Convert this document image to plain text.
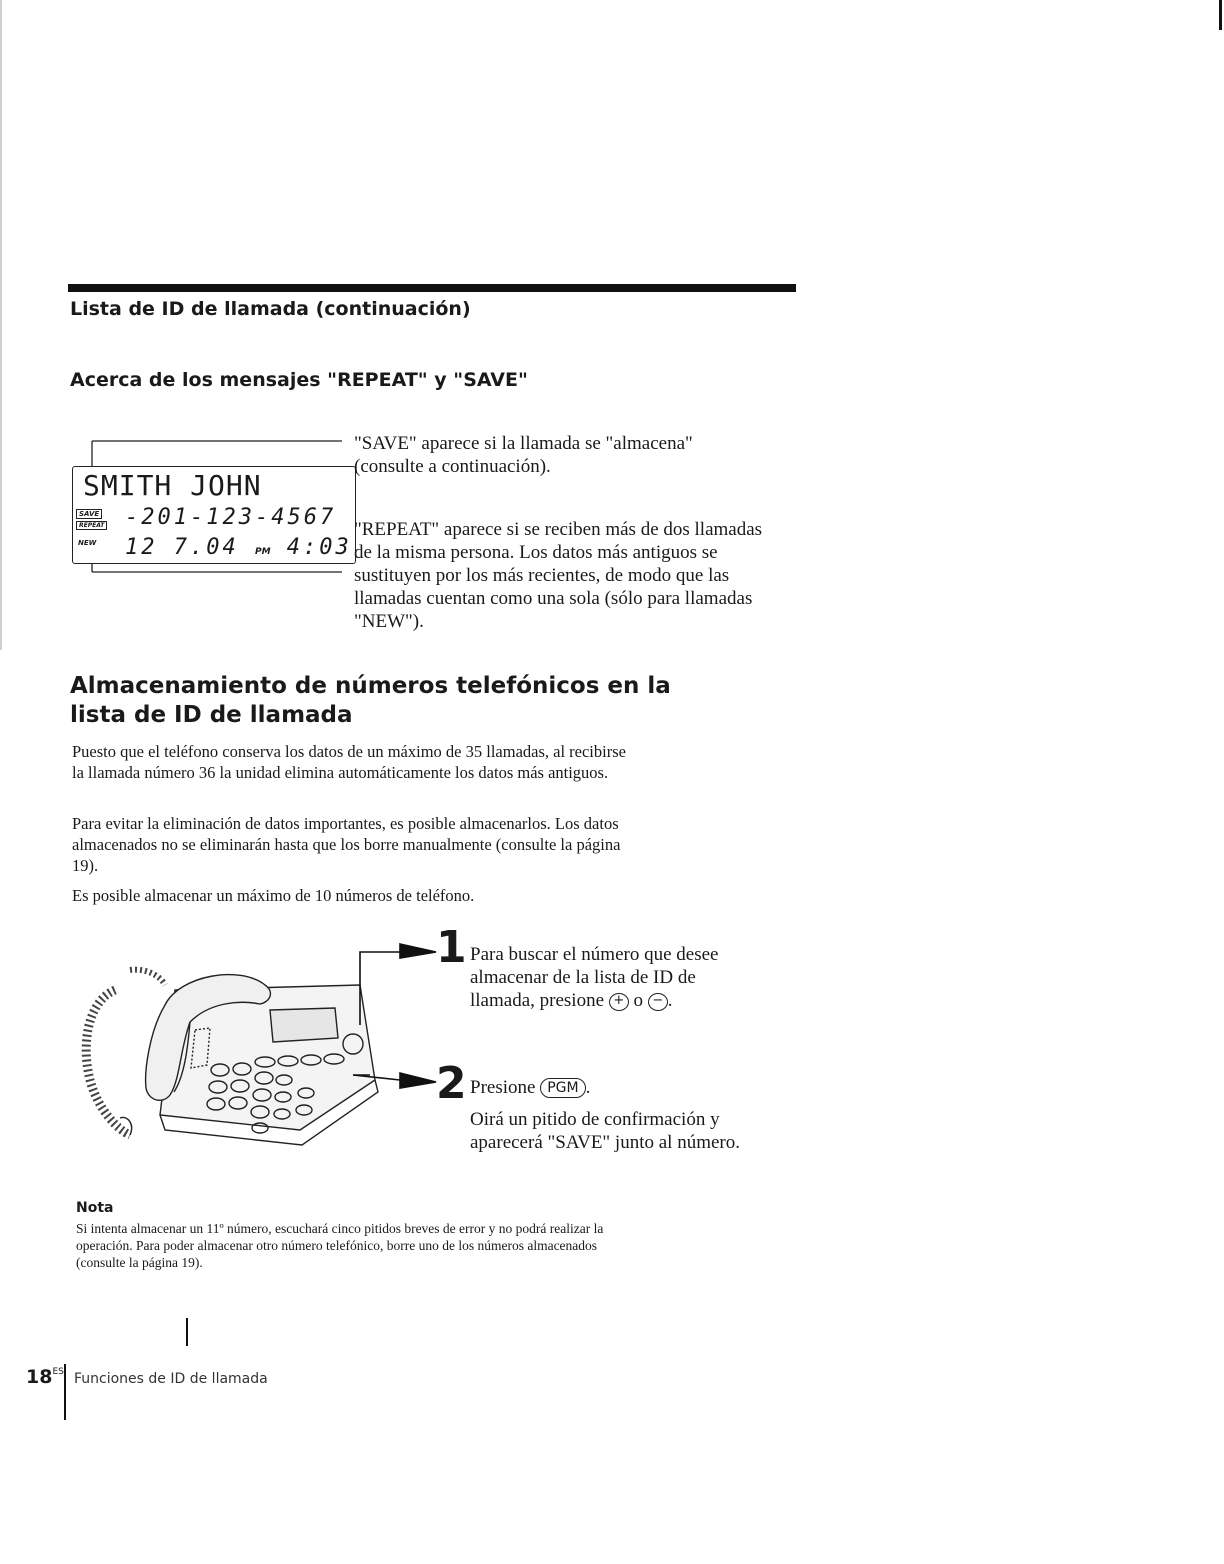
Lista de ID de llamada (continuación)
Acerca de los mensajes "REPEAT" y "SAVE"
SMITH JOHN
SAVE
REPEAT
NEW
-201-123-4567
12 7.04 PM 4:03
"SAVE" aparece si la llamada se "almacena" (consulte a continuación).
"REPEAT" aparece si se reciben más de dos llamadas de la misma persona. Los datos más antiguos se sustituyen por los más recientes, de modo que las llamadas cuentan como una sola (sólo para llamadas "NEW").
Almacenamiento de números telefónicos en la lista de ID de llamada
Puesto que el teléfono conserva los datos de un máximo de 35 llamadas, al recibirse la llamada número 36 la unidad elimina automáticamente los datos más antiguos.
Para evitar la eliminación de datos importantes, es posible almacenarlos. Los datos almacenados no se eliminarán hasta que los borre manualmente (consulte la página 19).
Es posible almacenar un máximo de 10 números de teléfono.
1 Para buscar el número que desee almacenar de la lista de ID de llamada, presione + o − .
2 Presione PGM .
Oirá un pitido de confirmación y aparecerá "SAVE" junto al número.
Nota
Si intenta almacenar un 11º número, escuchará cinco pitidos breves de error y no podrá realizar la operación. Para poder almacenar otro número telefónico, borre uno de los números almacenados (consulte la página 19).
$18^{ES}$ Funciones de ID de llamada
